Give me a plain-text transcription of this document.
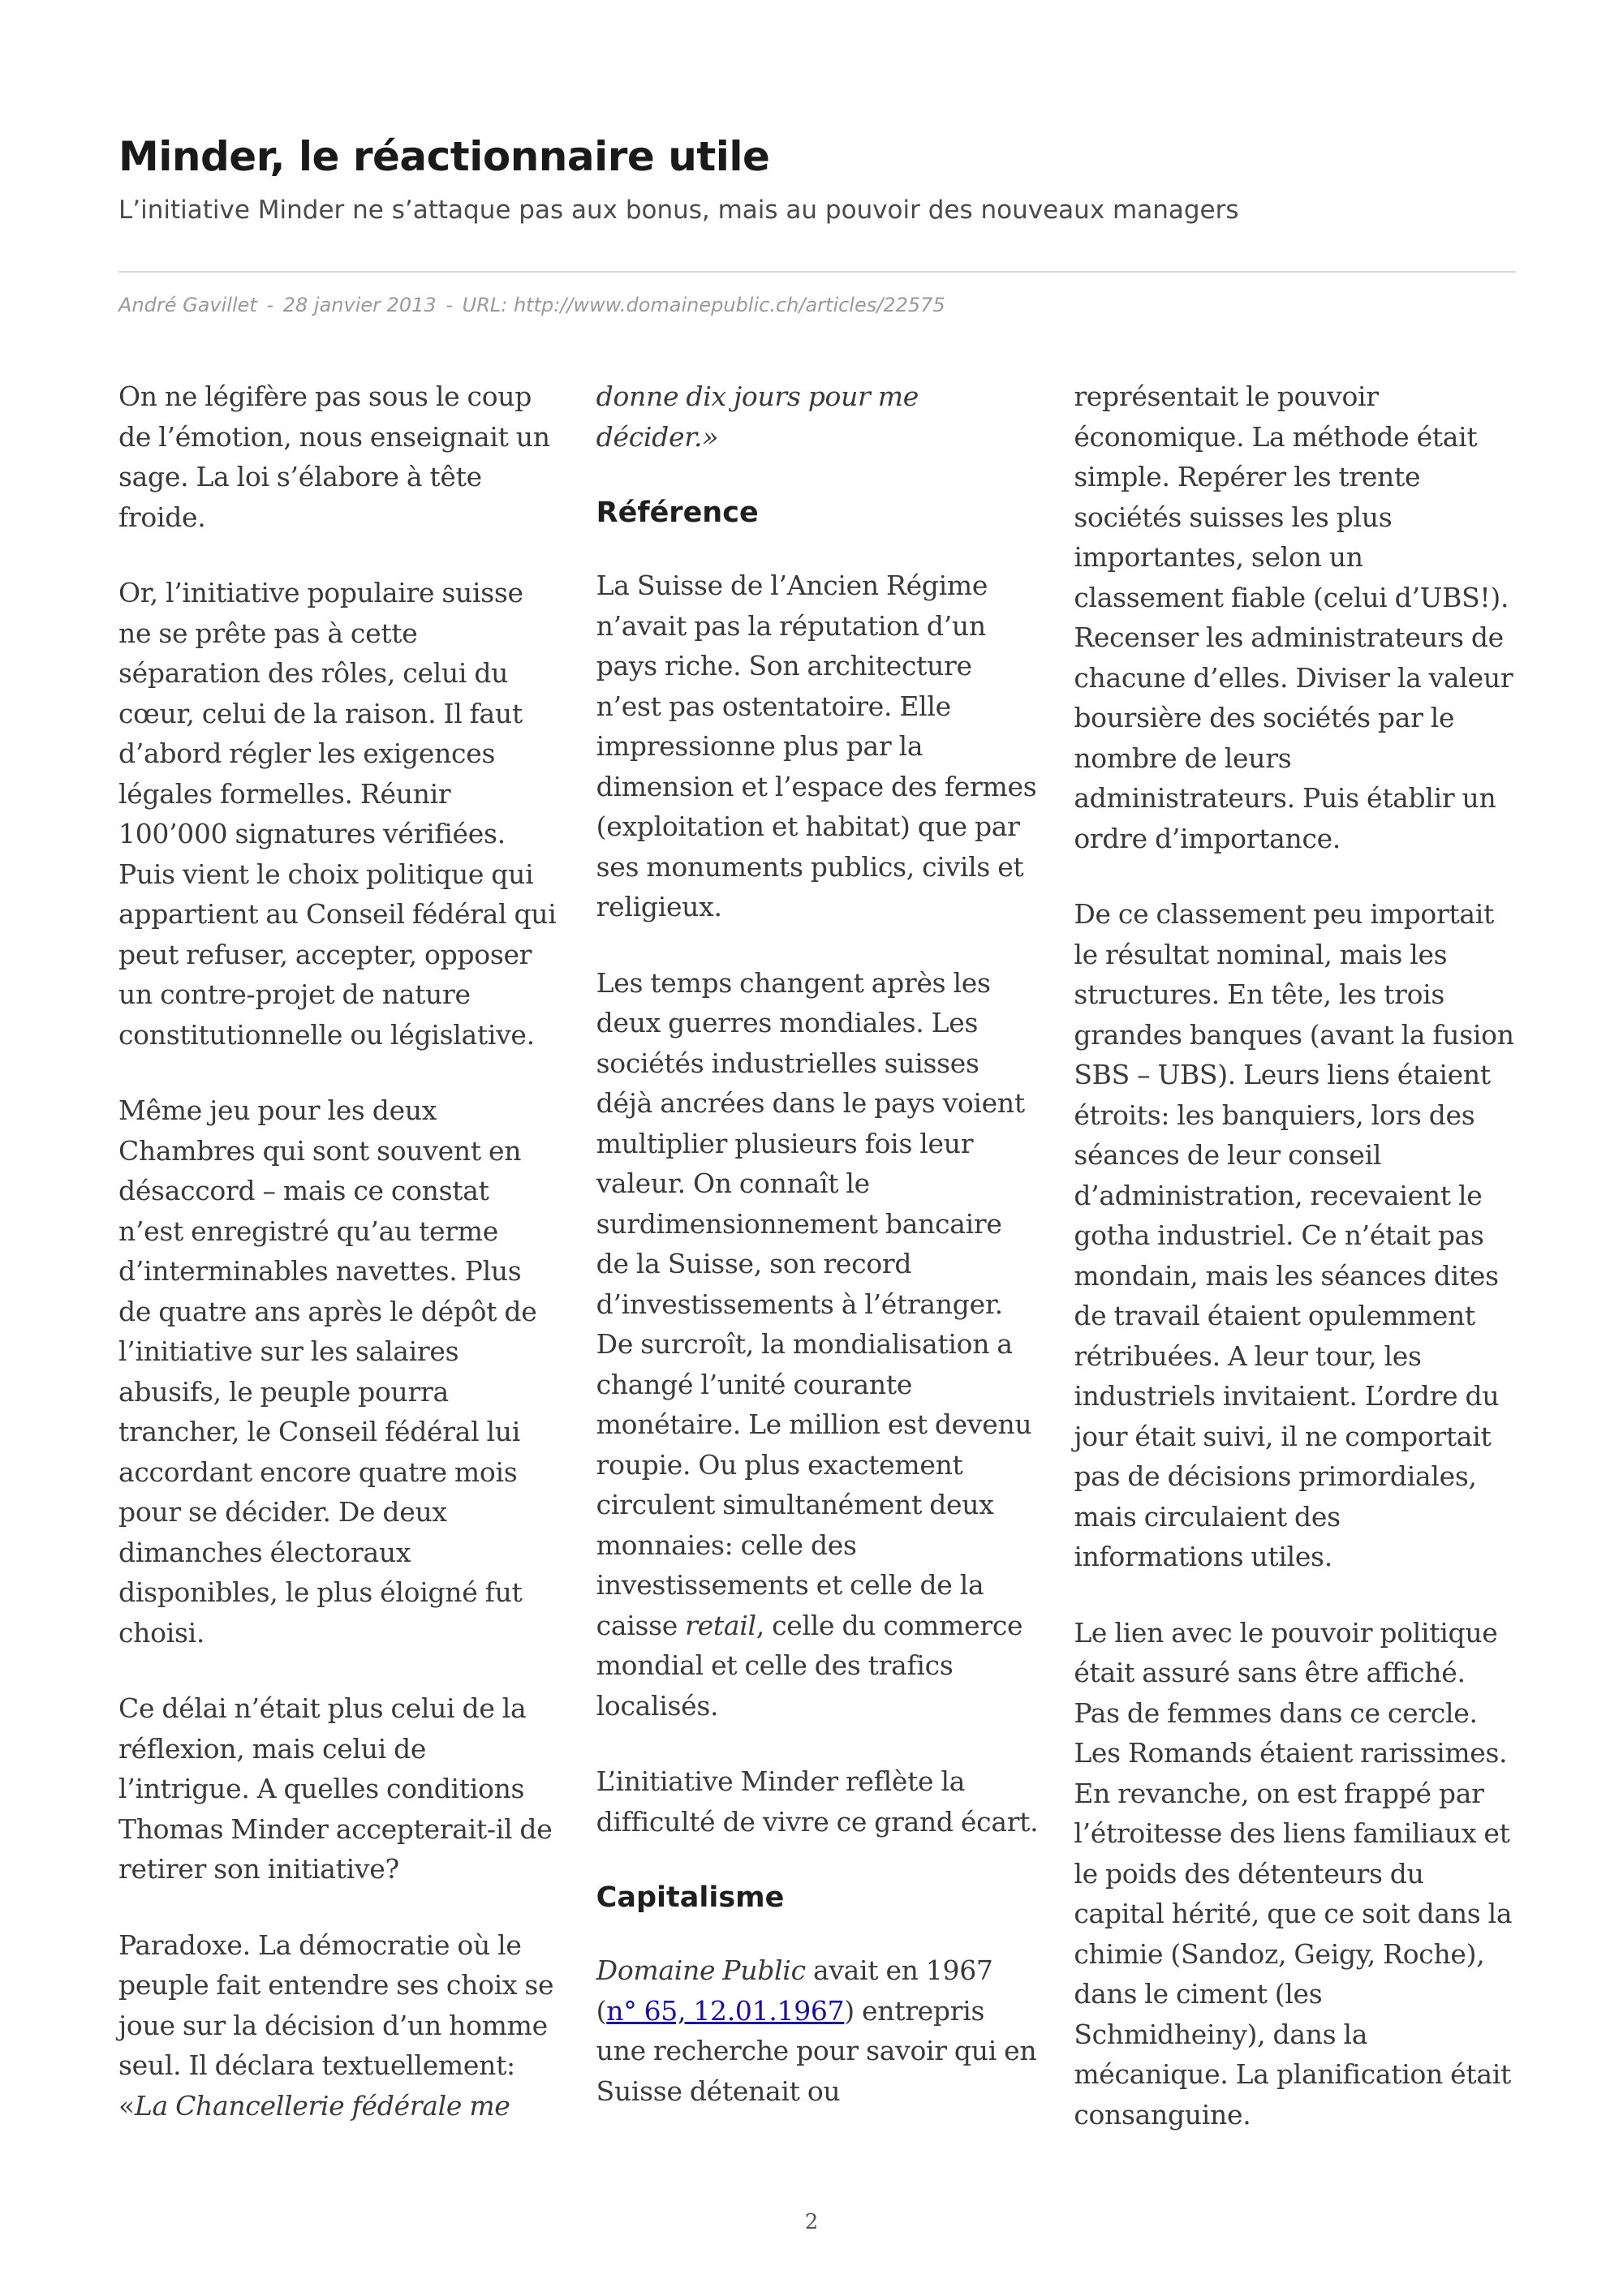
Minder, le réactionnaire utile

L’initiative Minder ne s’attaque pas aux bonus, mais au pouvoir des nouveaux managers

André Gavillet - 28 janvier 2013 - URL: http://www.domainepublic.ch/articles/22575

On ne légifère pas sous le coup de l’émotion, nous enseignait un sage. La loi s’élabore à tête froide.

Or, l’initiative populaire suisse ne se prête pas à cette séparation des rôles, celui du cœur, celui de la raison. Il faut d’abord régler les exigences légales formelles. Réunir 100’000 signatures vérifiées. Puis vient le choix politique qui appartient au Conseil fédéral qui peut refuser, accepter, opposer un contre-projet de nature constitutionnelle ou législative.

Même jeu pour les deux Chambres qui sont souvent en désaccord – mais ce constat n’est enregistré qu’au terme d’interminables navettes. Plus de quatre ans après le dépôt de l’initiative sur les salaires abusifs, le peuple pourra trancher, le Conseil fédéral lui accordant encore quatre mois pour se décider. De deux dimanches électoraux disponibles, le plus éloigné fut choisi.

Ce délai n’était plus celui de la réflexion, mais celui de l’intrigue. A quelles conditions Thomas Minder accepterait-il de retirer son initiative?

Paradoxe. La démocratie où le peuple fait entendre ses choix se joue sur la décision d’un homme seul. Il déclara textuellement: «La Chancellerie fédérale me donne dix jours pour me décider.»

Référence

La Suisse de l’Ancien Régime n’avait pas la réputation d’un pays riche. Son architecture n’est pas ostentatoire. Elle impressionne plus par la dimension et l’espace des fermes (exploitation et habitat) que par ses monuments publics, civils et religieux.

Les temps changent après les deux guerres mondiales. Les sociétés industrielles suisses déjà ancrées dans le pays voient multiplier plusieurs fois leur valeur. On connaît le surdimensionnement bancaire de la Suisse, son record d’investissements à l’étranger. De surcroît, la mondialisation a changé l’unité courante monétaire. Le million est devenu roupie. Ou plus exactement circulent simultanément deux monnaies: celle des investissements et celle de la caisse retail, celle du commerce mondial et celle des trafics localisés.

L’initiative Minder reflète la difficulté de vivre ce grand écart.

Capitalisme

Domaine Public avait en 1967 (n° 65, 12.01.1967) entrepris une recherche pour savoir qui en Suisse détenait ou

représentait le pouvoir économique. La méthode était simple. Repérer les trente sociétés suisses les plus importantes, selon un classement fiable (celui d’UBS!). Recenser les administrateurs de chacune d’elles. Diviser la valeur boursière des sociétés par le nombre de leurs administrateurs. Puis établir un ordre d’importance.

De ce classement peu importait le résultat nominal, mais les structures. En tête, les trois grandes banques (avant la fusion SBS – UBS). Leurs liens étaient étroits: les banquiers, lors des séances de leur conseil d’administration, recevaient le gotha industriel. Ce n’était pas mondain, mais les séances dites de travail étaient opulemment rétribuées. A leur tour, les industriels invitaient. L’ordre du jour était suivi, il ne comportait pas de décisions primordiales, mais circulaient des informations utiles.

Le lien avec le pouvoir politique était assuré sans être affiché. Pas de femmes dans ce cercle. Les Romands étaient rarissimes. En revanche, on est frappé par l’étroitesse des liens familiaux et le poids des détenteurs du capital hérité, que ce soit dans la chimie (Sandoz, Geigy, Roche), dans le ciment (les Schmidheiny), dans la mécanique. La planification était consanguine.

2
